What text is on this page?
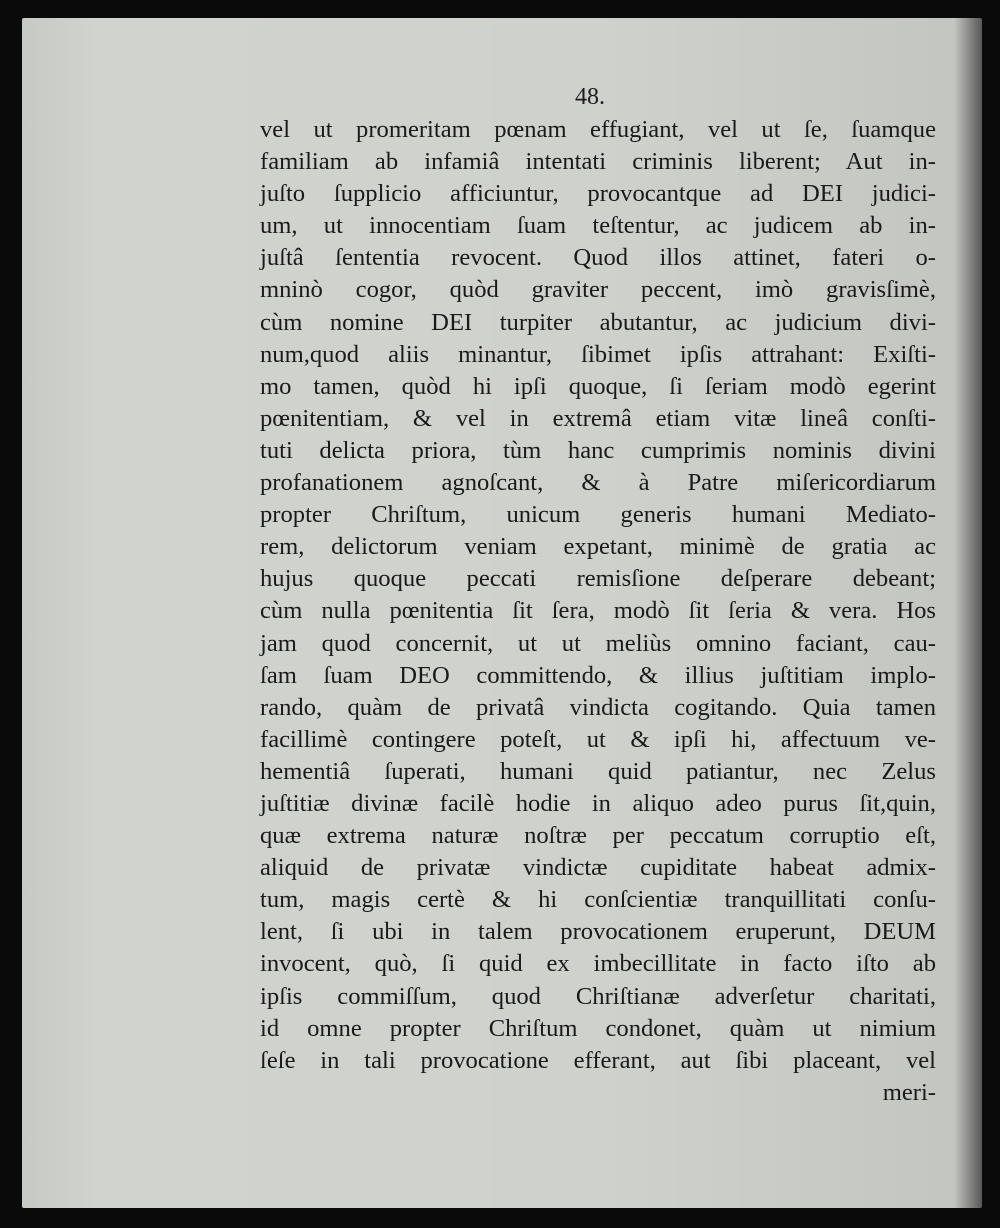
48.
vel ut promeritam pœnam effugiant, vel ut ſe, ſuamque
familiam ab infamiâ intentati criminis liberent; Aut in-
juſto ſupplicio afficiuntur, provocantque ad DEI judici-
um, ut innocentiam ſuam teſtentur, ac judicem ab in-
juſtâ ſententia revocent. Quod illos attinet, fateri o-
mninò cogor, quòd graviter peccent, imò gravisſimè,
cùm nomine DEI turpiter abutantur, ac judicium divi-
num,quod aliis minantur, ſibimet ipſis attrahant: Exiſti-
mo tamen, quòd hi ipſi quoque, ſi ſeriam modò egerint
pœnitentiam, & vel in extremâ etiam vitæ lineâ conſti-
tuti delicta priora, tùm hanc cumprimis nominis divini
profanationem agnoſcant, & à Patre miſericordiarum
propter Chriſtum, unicum generis humani Mediato-
rem, delictorum veniam expetant, minimè de gratia ac
hujus quoque peccati remisſione deſperare debeant;
cùm nulla pœnitentia ſit ſera, modò ſit ſeria & vera. Hos
jam quod concernit, ut ut meliùs omnino faciant, cau-
ſam ſuam DEO committendo, & illius juſtitiam implo-
rando, quàm de privatâ vindicta cogitando. Quia tamen
facillimè contingere poteſt, ut & ipſi hi, affectuum ve-
hementiâ ſuperati, humani quid patiantur, nec Zelus
juſtitiæ divinæ facilè hodie in aliquo adeo purus ſit,quin,
quæ extrema naturæ noſtræ per peccatum corruptio eſt,
aliquid de privatæ vindictæ cupiditate habeat admix-
tum, magis certè & hi conſcientiæ tranquillitati conſu-
lent, ſi ubi in talem provocationem eruperunt, DEUM
invocent, quò, ſi quid ex imbecillitate in facto iſto ab
ipſis commiſſum, quod Chriſtianæ adverſetur charitati,
id omne propter Chriſtum condonet, quàm ut nimium
ſeſe in tali provocatione efferant, aut ſibi placeant, vel
meri-
